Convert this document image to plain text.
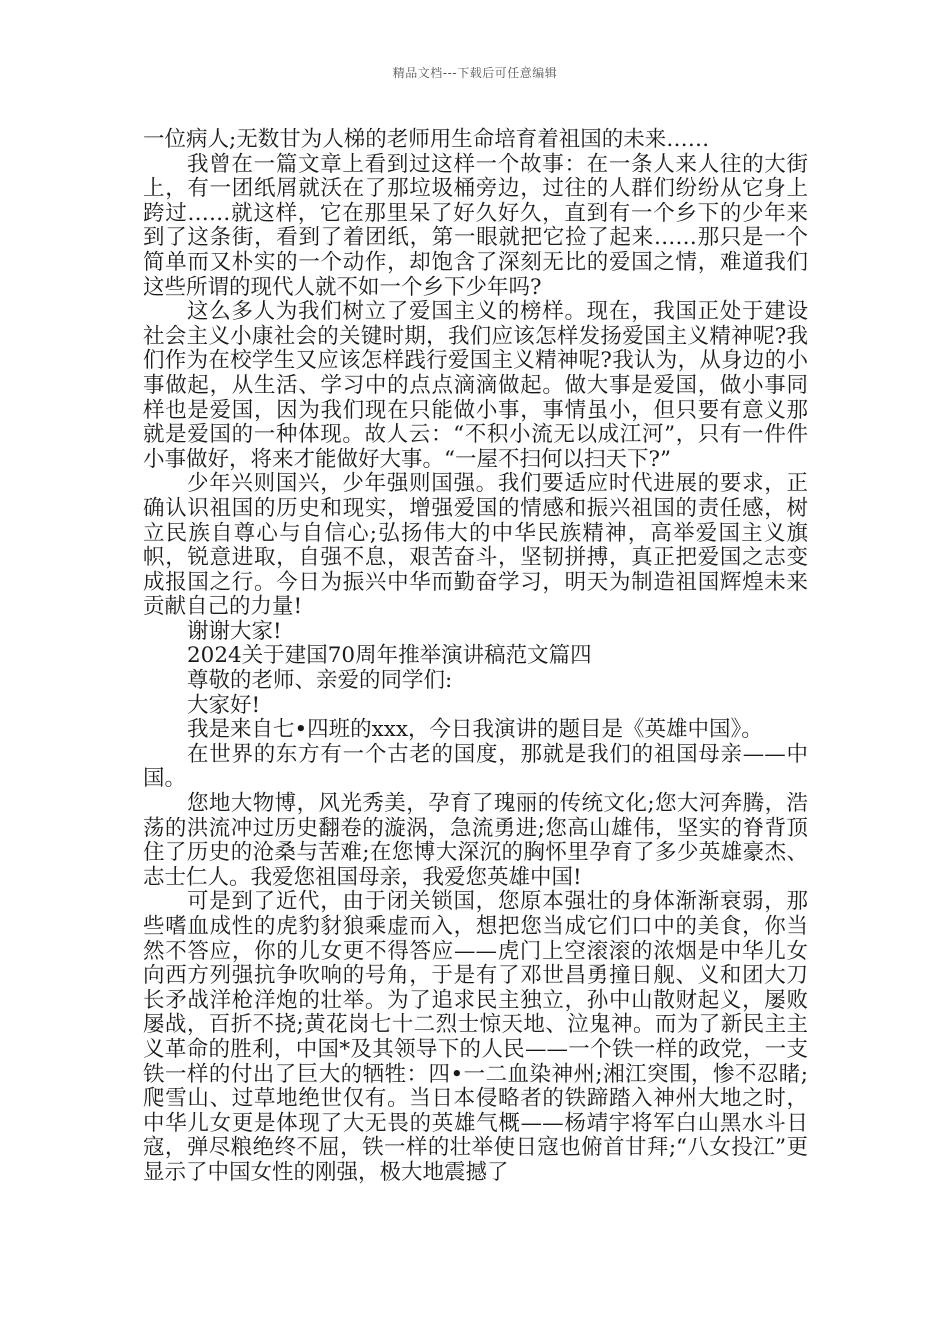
精品文档---下载后可任意编辑

一位病人;无数甘为人梯的老师用生命培育着祖国的未来……

我曾在一篇文章上看到过这样一个故事：在一条人来人往的大街上，有一团纸屑就沃在了那垃圾桶旁边，过往的人群们纷纷从它身上跨过……就这样，它在那里呆了好久好久，直到有一个乡下的少年来到了这条街，看到了着团纸，第一眼就把它捡了起来……那只是一个简单而又朴实的一个动作，却饱含了深刻无比的爱国之情，难道我们这些所谓的现代人就不如一个乡下少年吗?

这么多人为我们树立了爱国主义的榜样。现在，我国正处于建设社会主义小康社会的关键时期，我们应该怎样发扬爱国主义精神呢?我们作为在校学生又应该怎样践行爱国主义精神呢?我认为，从身边的小事做起，从生活、学习中的点点滴滴做起。做大事是爱国，做小事同样也是爱国，因为我们现在只能做小事，事情虽小，但只要有意义那就是爱国的一种体现。故人云：“不积小流无以成江河”，只有一件件小事做好，将来才能做好大事。“一屋不扫何以扫天下?”

少年兴则国兴，少年强则国强。我们要适应时代进展的要求，正确认识祖国的历史和现实，增强爱国的情感和振兴祖国的责任感，树立民族自尊心与自信心;弘扬伟大的中华民族精神，高举爱国主义旗帜，锐意进取，自强不息，艰苦奋斗，坚韧拼搏，真正把爱国之志变成报国之行。今日为振兴中华而勤奋学习，明天为制造祖国辉煌未来贡献自己的力量!

谢谢大家!

2024关于建国70周年推举演讲稿范文篇四

尊敬的老师、亲爱的同学们:

大家好!

我是来自七•四班的xxx，今日我演讲的题目是《英雄中国》。

在世界的东方有一个古老的国度，那就是我们的祖国母亲——中国。

您地大物博，风光秀美，孕育了瑰丽的传统文化;您大河奔腾，浩荡的洪流冲过历史翻卷的漩涡，急流勇进;您高山雄伟，坚实的脊背顶住了历史的沧桑与苦难;在您博大深沉的胸怀里孕育了多少英雄豪杰、志士仁人。我爱您祖国母亲，我爱您英雄中国!

可是到了近代，由于闭关锁国，您原本强壮的身体渐渐衰弱，那些嗜血成性的虎豹豺狼乘虚而入，想把您当成它们口中的美食，你当然不答应，你的儿女更不得答应——虎门上空滚滚的浓烟是中华儿女向西方列强抗争吹响的号角，于是有了邓世昌勇撞日舰、义和团大刀长矛战洋枪洋炮的壮举。为了追求民主独立，孙中山散财起义，屡败屡战，百折不挠;黄花岗七十二烈士惊天地、泣鬼神。而为了新民主主义革命的胜利，中国*及其领导下的人民——一个铁一样的政党，一支铁一样的付出了巨大的牺牲：四•一二血染神州;湘江突围，惨不忍睹;爬雪山、过草地绝世仅有。当日本侵略者的铁蹄踏入神州大地之时，中华儿女更是体现了大无畏的英雄气概——杨靖宇将军白山黑水斗日寇，弹尽粮绝终不屈，铁一样的壮举使日寇也俯首甘拜;“八女投江”更显示了中国女性的刚强，极大地震撼了
